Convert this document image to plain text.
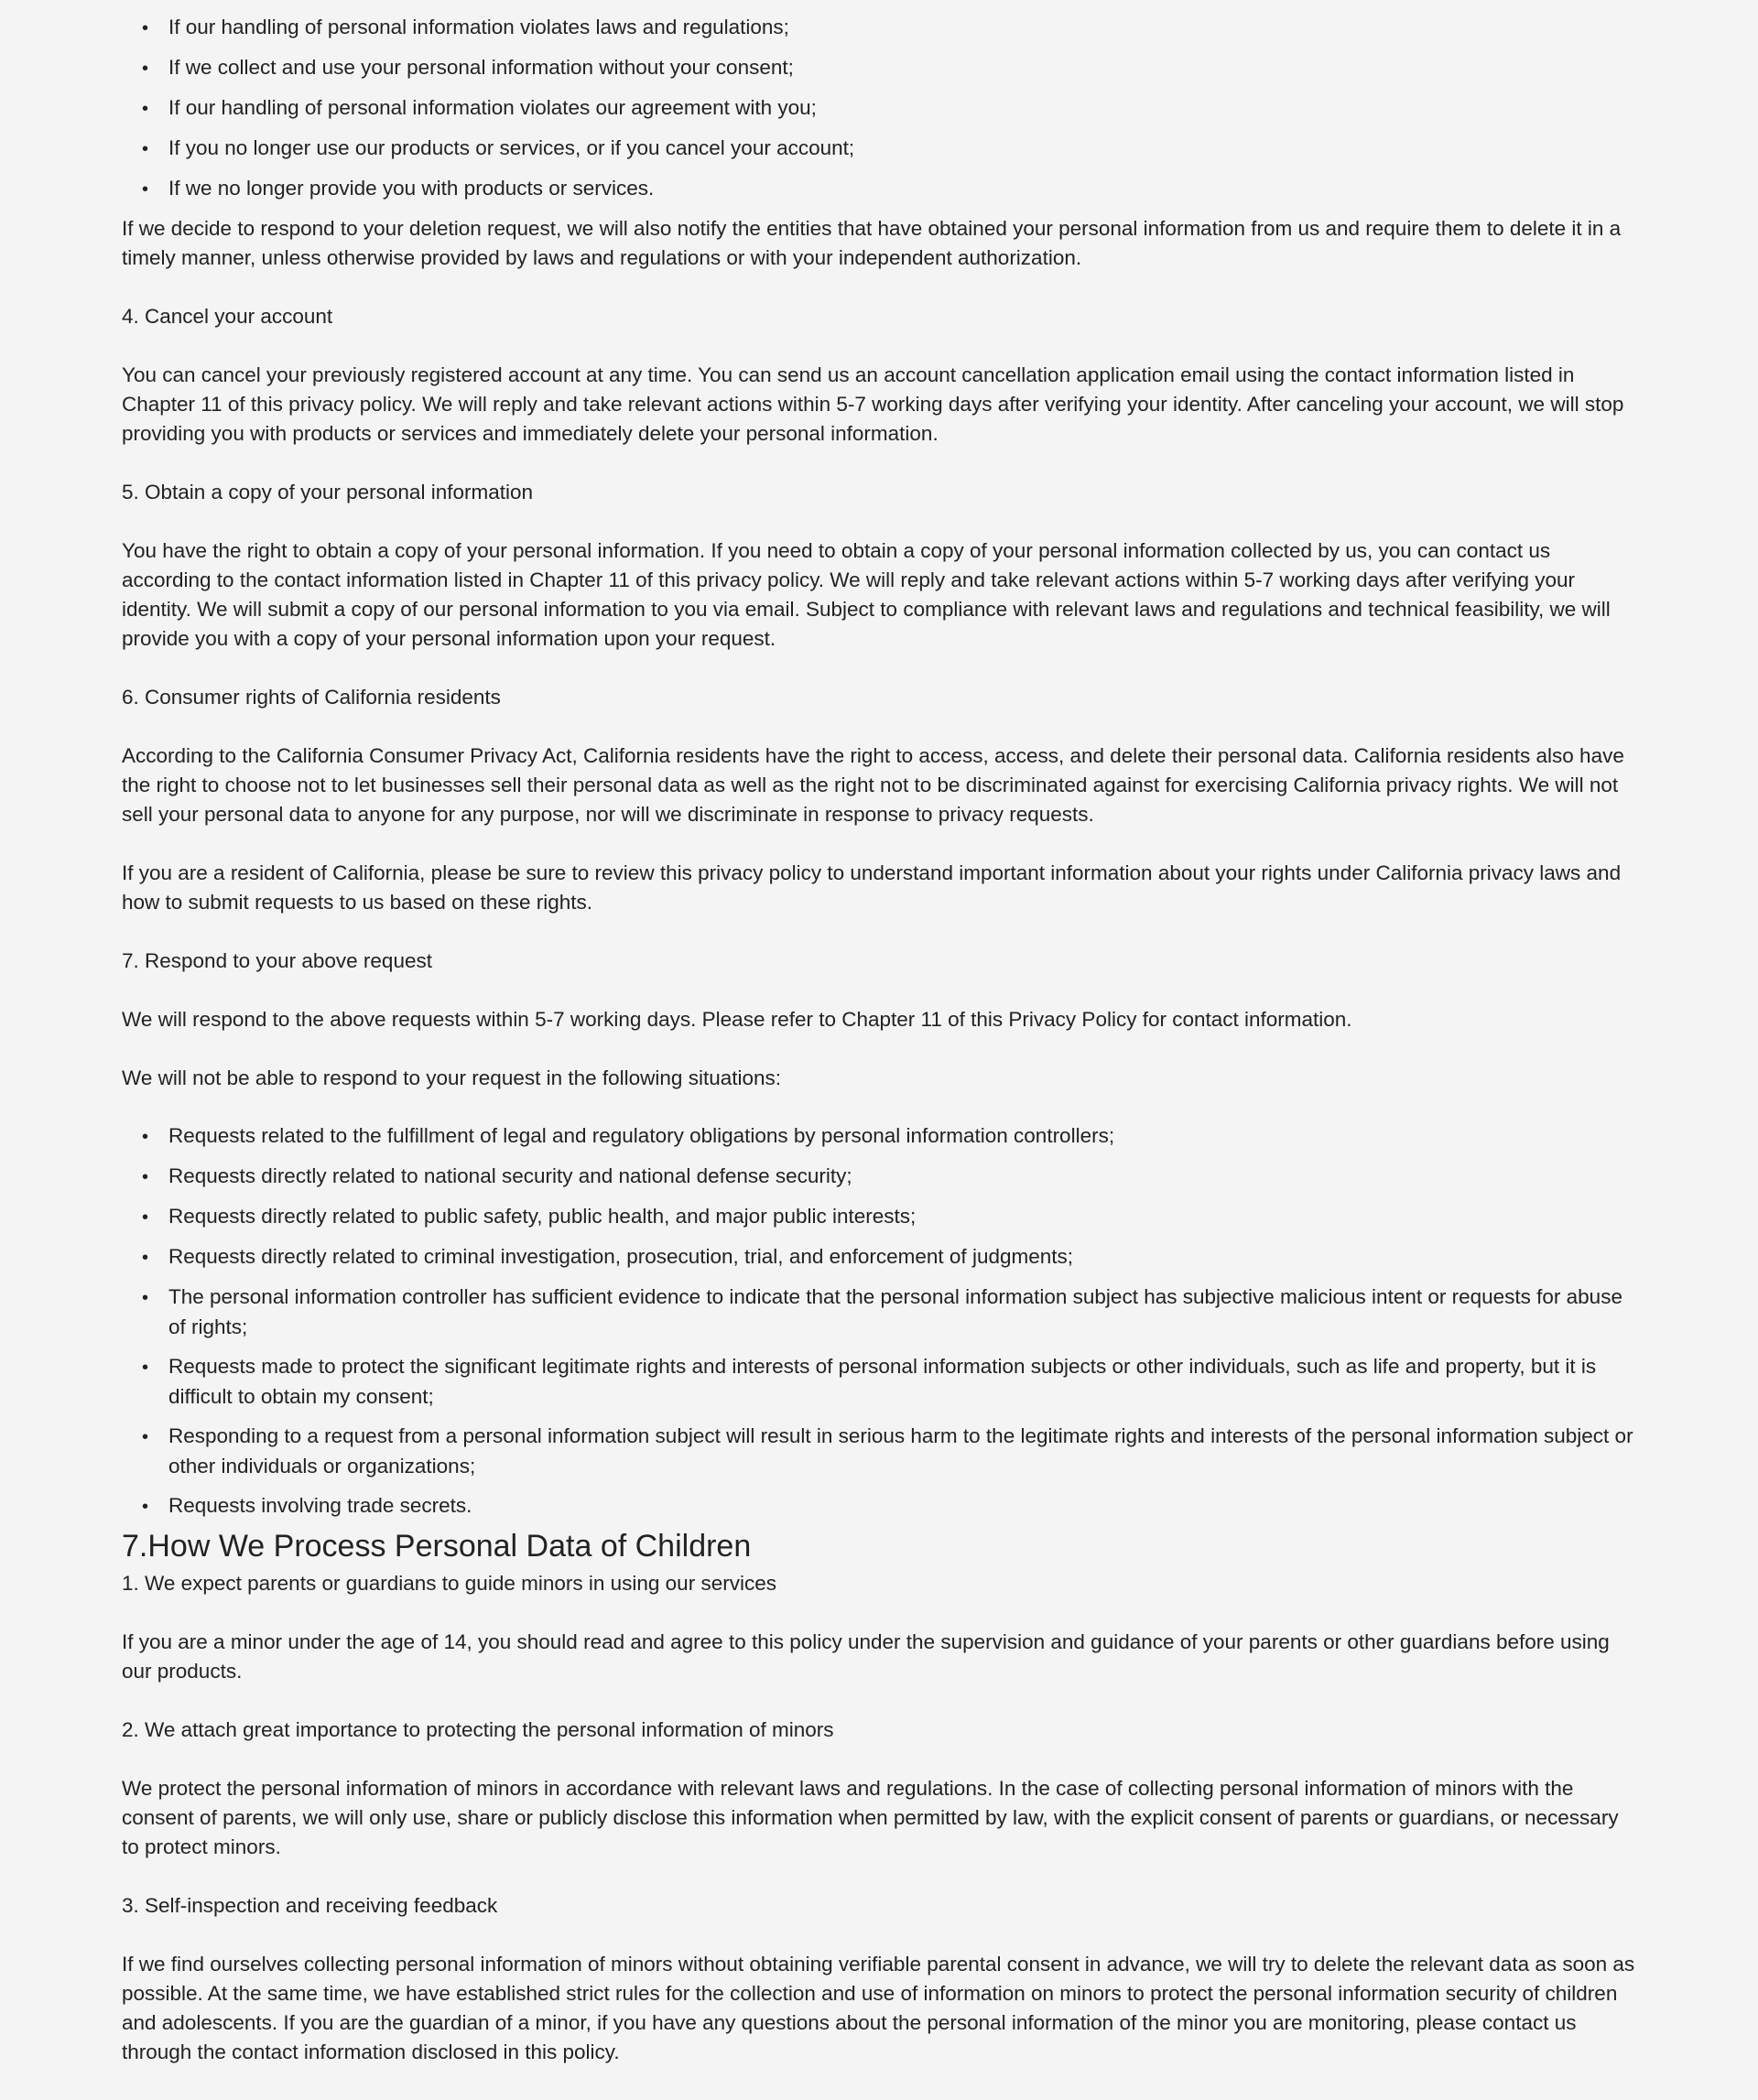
• If our handling of personal information violates laws and regulations;
• If we collect and use your personal information without your consent;
• If our handling of personal information violates our agreement with you;
• If you no longer use our products or services, or if you cancel your account;
• If we no longer provide you with products or services.

If we decide to respond to your deletion request, we will also notify the entities that have obtained your personal information from us and require them to delete it in a timely manner, unless otherwise provided by laws and regulations or with your independent authorization.

4. Cancel your account

You can cancel your previously registered account at any time. You can send us an account cancellation application email using the contact information listed in Chapter 11 of this privacy policy. We will reply and take relevant actions within 5-7 working days after verifying your identity. After canceling your account, we will stop providing you with products or services and immediately delete your personal information.

5. Obtain a copy of your personal information

You have the right to obtain a copy of your personal information. If you need to obtain a copy of your personal information collected by us, you can contact us according to the contact information listed in Chapter 11 of this privacy policy. We will reply and take relevant actions within 5-7 working days after verifying your identity. We will submit a copy of our personal information to you via email. Subject to compliance with relevant laws and regulations and technical feasibility, we will provide you with a copy of your personal information upon your request.

6. Consumer rights of California residents

According to the California Consumer Privacy Act, California residents have the right to access, access, and delete their personal data. California residents also have the right to choose not to let businesses sell their personal data as well as the right not to be discriminated against for exercising California privacy rights. We will not sell your personal data to anyone for any purpose, nor will we discriminate in response to privacy requests.

If you are a resident of California, please be sure to review this privacy policy to understand important information about your rights under California privacy laws and how to submit requests to us based on these rights.

7. Respond to your above request

We will respond to the above requests within 5-7 working days. Please refer to Chapter 11 of this Privacy Policy for contact information.

We will not be able to respond to your request in the following situations:

• Requests related to the fulfillment of legal and regulatory obligations by personal information controllers;
• Requests directly related to national security and national defense security;
• Requests directly related to public safety, public health, and major public interests;
• Requests directly related to criminal investigation, prosecution, trial, and enforcement of judgments;
• The personal information controller has sufficient evidence to indicate that the personal information subject has subjective malicious intent or requests for abuse of rights;
• Requests made to protect the significant legitimate rights and interests of personal information subjects or other individuals, such as life and property, but it is difficult to obtain my consent;
• Responding to a request from a personal information subject will result in serious harm to the legitimate rights and interests of the personal information subject or other individuals or organizations;
• Requests involving trade secrets.
7.How We Process Personal Data of Children

1. We expect parents or guardians to guide minors in using our services

If you are a minor under the age of 14, you should read and agree to this policy under the supervision and guidance of your parents or other guardians before using our products.

2. We attach great importance to protecting the personal information of minors

We protect the personal information of minors in accordance with relevant laws and regulations. In the case of collecting personal information of minors with the consent of parents, we will only use, share or publicly disclose this information when permitted by law, with the explicit consent of parents or guardians, or necessary to protect minors.

3. Self-inspection and receiving feedback

If we find ourselves collecting personal information of minors without obtaining verifiable parental consent in advance, we will try to delete the relevant data as soon as possible. At the same time, we have established strict rules for the collection and use of information on minors to protect the personal information security of children and adolescents. If you are the guardian of a minor, if you have any questions about the personal information of the minor you are monitoring, please contact us through the contact information disclosed in this policy.
